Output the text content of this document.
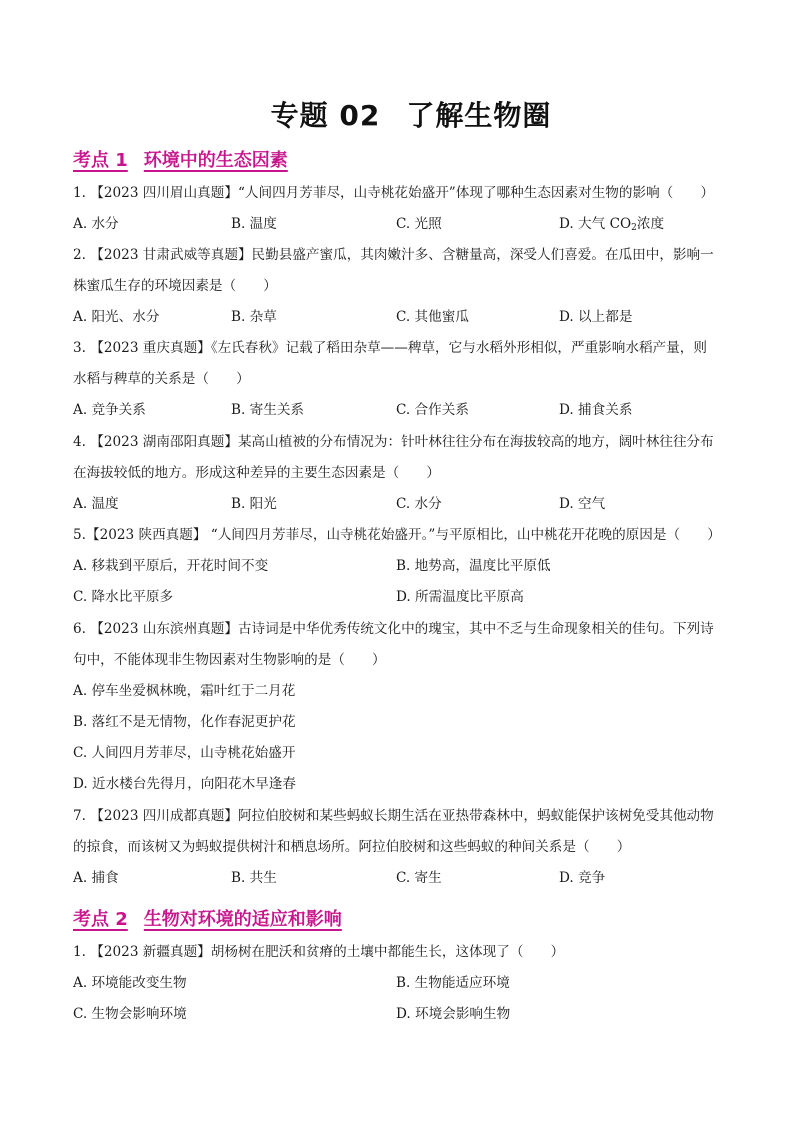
专题 02 了解生物圈
考点 1 环境中的生态因素
1. 【2023 四川眉山真题】“人间四月芳菲尽，山寺桃花始盛开”体现了哪种生态因素对生物的影响（　　）
A. 水分	B. 温度	C. 光照	D. 大气 $CO_2$浓度
2. 【2023 甘肃武威等真题】民勤县盛产蜜瓜，其肉嫩汁多、含糖量高，深受人们喜爱。在瓜田中，影响一
株蜜瓜生存的环境因素是（　　）
A. 阳光、水分	B. 杂草	C. 其他蜜瓜	D. 以上都是
3. 【2023 重庆真题】《左氏春秋》记载了稻田杂草——稗草，它与水稻外形相似，严重影响水稻产量，则
水稻与稗草的关系是（　　）
A. 竞争关系	B. 寄生关系	C. 合作关系	D. 捕食关系
4. 【2023 湖南邵阳真题】某高山植被的分布情况为：针叶林往往分布在海拔较高的地方，阔叶林往往分布
在海拔较低的地方。形成这种差异的主要生态因素是（　　）
A. 温度	B. 阳光	C. 水分	D. 空气
5.【2023 陕西真题】 “人间四月芳菲尽，山寺桃花始盛开。”与平原相比，山中桃花开花晚的原因是（　　）
A. 移栽到平原后，开花时间不变	B. 地势高，温度比平原低
C. 降水比平原多	D. 所需温度比平原高
6. 【2023 山东滨州真题】古诗词是中华优秀传统文化中的瑰宝，其中不乏与生命现象相关的佳句。下列诗
句中，不能体现非生物因素对生物影响的是（　　）
A. 停车坐爱枫林晚，霜叶红于二月花
B. 落红不是无情物，化作春泥更护花
C. 人间四月芳菲尽，山寺桃花始盛开
D. 近水楼台先得月，向阳花木早逢春
7. 【2023 四川成都真题】阿拉伯胶树和某些蚂蚁长期生活在亚热带森林中，蚂蚁能保护该树免受其他动物
的掠食，而该树又为蚂蚁提供树汁和栖息场所。阿拉伯胶树和这些蚂蚁的种间关系是（　　）
A. 捕食	B. 共生	C. 寄生	D. 竞争
考点 2 生物对环境的适应和影响
1. 【2023 新疆真题】胡杨树在肥沃和贫瘠的土壤中都能生长，这体现了（　　）
A. 环境能改变生物	B. 生物能适应环境
C. 生物会影响环境	D. 环境会影响生物
